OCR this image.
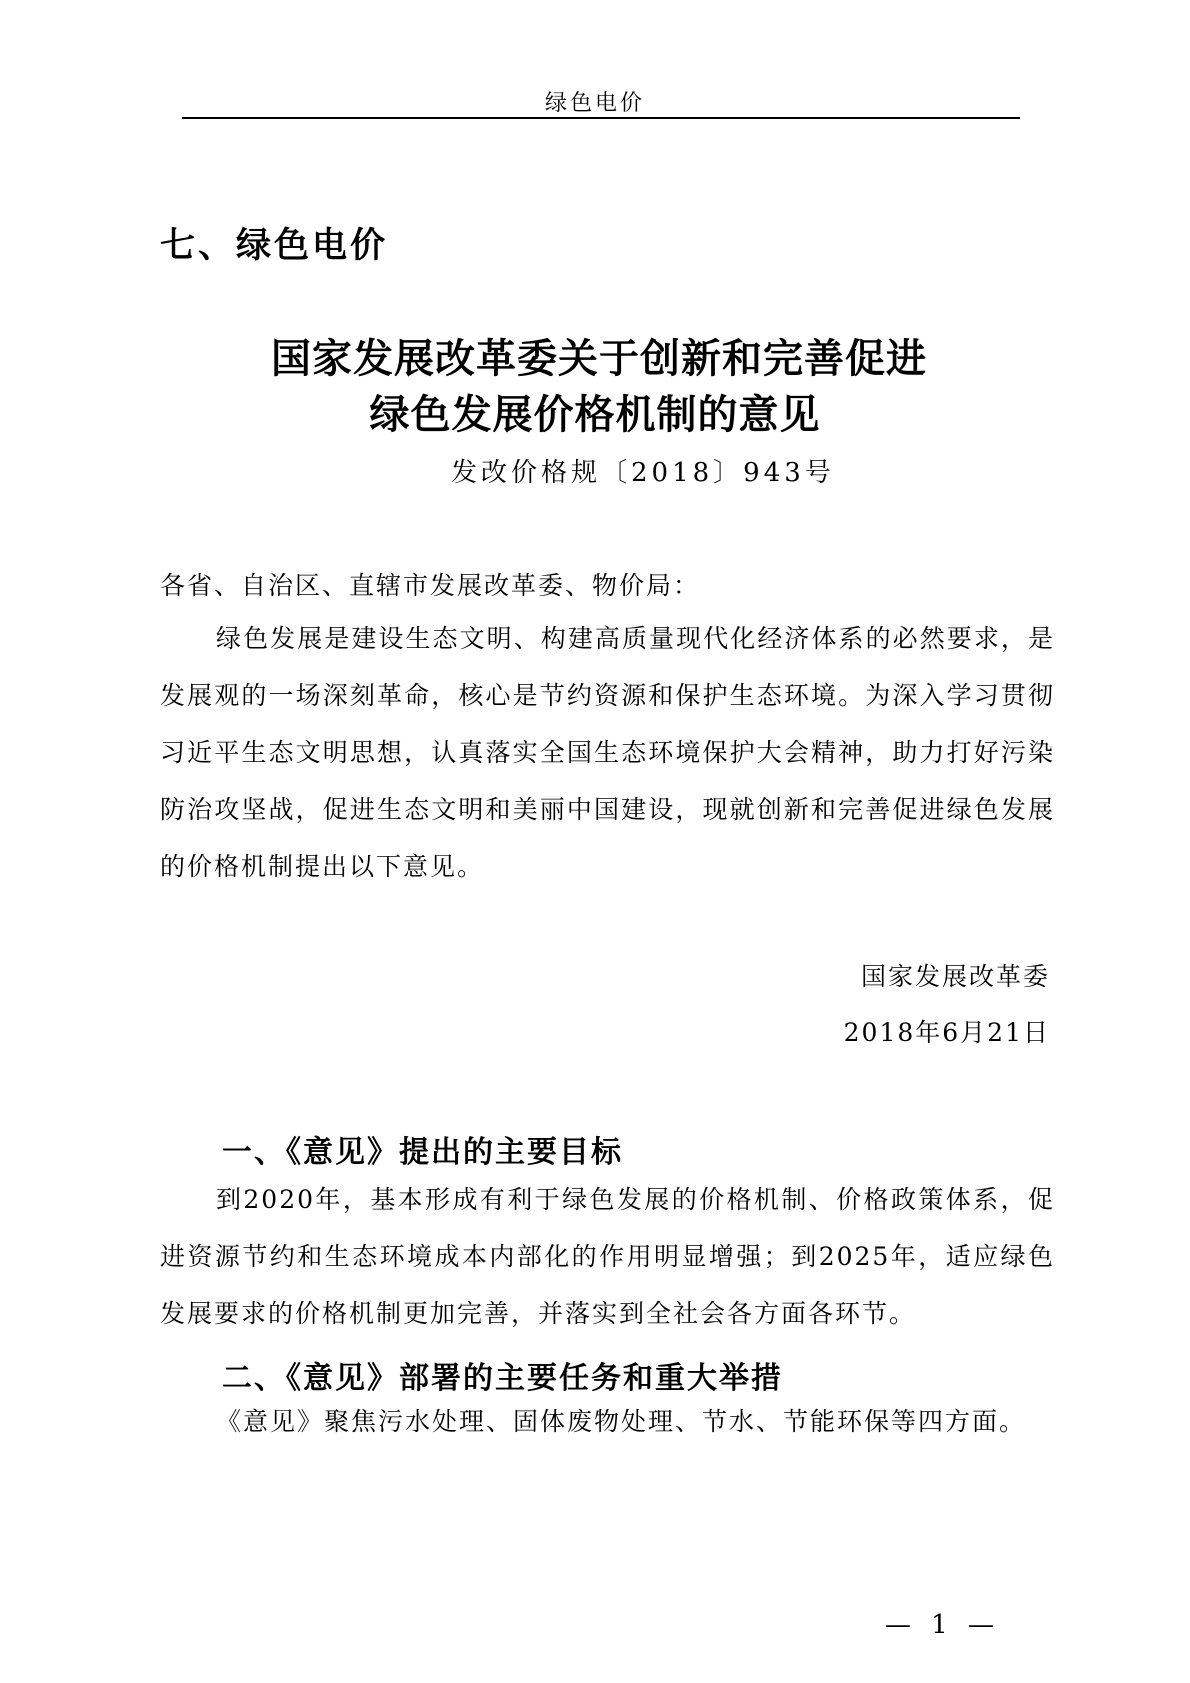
绿色电价
七、绿色电价
国家发展改革委关于创新和完善促进
绿色发展价格机制的意见
发改价格规〔2018〕943号
各省、自治区、直辖市发展改革委、物价局：
绿色发展是建设生态文明、构建高质量现代化经济体系的必然要求，是发展观的一场深刻革命，核心是节约资源和保护生态环境。为深入学习贯彻习近平生态文明思想，认真落实全国生态环境保护大会精神，助力打好污染防治攻坚战，促进生态文明和美丽中国建设，现就创新和完善促进绿色发展的价格机制提出以下意见。
国家发展改革委
2018年6月21日
一、《意见》提出的主要目标
到2020年，基本形成有利于绿色发展的价格机制、价格政策体系，促进资源节约和生态环境成本内部化的作用明显增强；到2025年，适应绿色发展要求的价格机制更加完善，并落实到全社会各方面各环节。
二、《意见》部署的主要任务和重大举措
《意见》聚焦污水处理、固体废物处理、节水、节能环保等四方面。
— 1 —
